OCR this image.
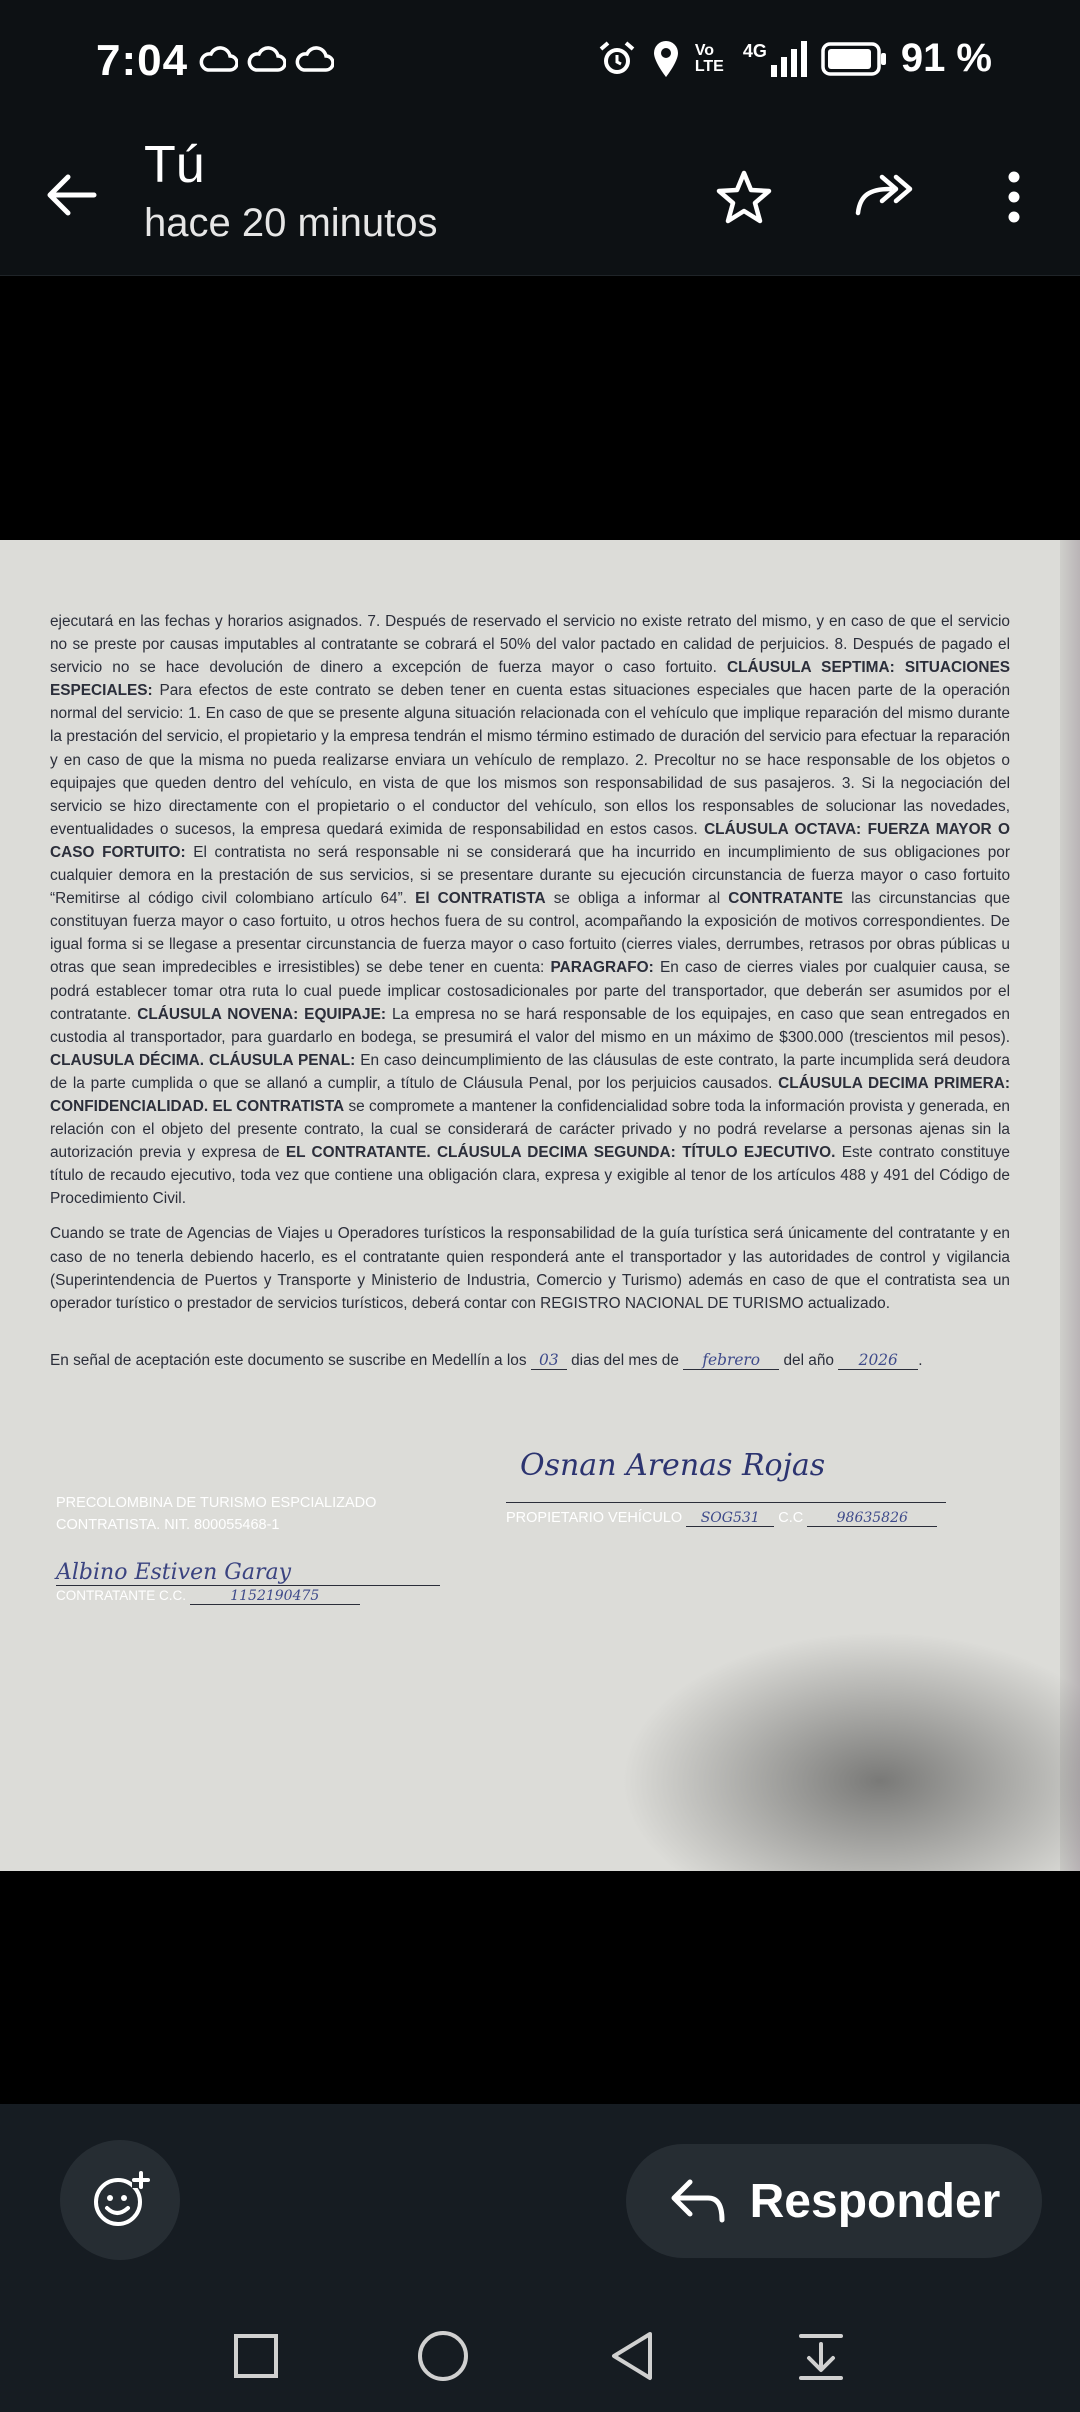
7:04	Vo LTE
4G	91 %
Tú
hace 20 minutos

ejecutará en las fechas y horarios asignados. 7. Después de reservado el servicio no existe retrato del mismo, y en caso de que el servicio no se preste por causas imputables al contratante se cobrará el 50% del valor pactado en calidad de perjuicios. 8. Después de pagado el servicio no se hace devolución de dinero a excepción de fuerza mayor o caso fortuito. CLÁUSULA SEPTIMA: SITUACIONES ESPECIALES: Para efectos de este contrato se deben tener en cuenta estas situaciones especiales que hacen parte de la operación normal del servicio: 1. En caso de que se presente alguna situación relacionada con el vehículo que implique reparación del mismo durante la prestación del servicio, el propietario y la empresa tendrán el mismo término estimado de duración del servicio para efectuar la reparación y en caso de que la misma no pueda realizarse enviara un vehículo de remplazo. 2. Precoltur no se hace responsable de los objetos o equipajes que queden dentro del vehículo, en vista de que los mismos son responsabilidad de sus pasajeros. 3. Si la negociación del servicio se hizo directamente con el propietario o el conductor del vehículo, son ellos los responsables de solucionar las novedades, eventualidades o sucesos, la empresa quedará eximida de responsabilidad en estos casos. CLÁUSULA OCTAVA: FUERZA MAYOR O CASO FORTUITO: El contratista no será responsable ni se considerará que ha incurrido en incumplimiento de sus obligaciones por cualquier demora en la prestación de sus servicios, si se presentare durante su ejecución circunstancia de fuerza mayor o caso fortuito “Remitirse al código civil colombiano artículo 64”. El CONTRATISTA se obliga a informar al CONTRATANTE las circunstancias que constituyan fuerza mayor o caso fortuito, u otros hechos fuera de su control, acompañando la exposición de motivos correspondientes. De igual forma si se llegase a presentar circunstancia de fuerza mayor o caso fortuito (cierres viales, derrumbes, retrasos por obras públicas u otras que sean impredecibles e irresistibles) se debe tener en cuenta: PARAGRAFO: En caso de cierres viales por cualquier causa, se podrá establecer tomar otra ruta lo cual puede implicar costosadicionales por parte del transportador, que deberán ser asumidos por el contratante. CLÁUSULA NOVENA: EQUIPAJE: La empresa no se hará responsable de los equipajes, en caso que sean entregados en custodia al transportador, para guardarlo en bodega, se presumirá el valor del mismo en un máximo de $300.000 (trescientos mil pesos). CLAUSULA DÉCIMA. CLÁUSULA PENAL: En caso deincumplimiento de las cláusulas de este contrato, la parte incumplida será deudora de la parte cumplida o que se allanó a cumplir, a título de Cláusula Penal, por los perjuicios causados. CLÁUSULA DECIMA PRIMERA: CONFIDENCIALIDAD. EL CONTRATISTA se compromete a mantener la confidencialidad sobre toda la información provista y generada, en relación con el objeto del presente contrato, la cual se considerará de carácter privado y no podrá revelarse a personas ajenas sin la autorización previa y expresa de EL CONTRATANTE. CLÁUSULA DECIMA SEGUNDA: TÍTULO EJECUTIVO. Este contrato constituye título de recaudo ejecutivo, toda vez que contiene una obligación clara, expresa y exigible al tenor de los artículos 488 y 491 del Código de Procedimiento Civil.

Cuando se trate de Agencias de Viajes u Operadores turísticos la responsabilidad de la guía turística será únicamente del contratante y en caso de no tenerla debiendo hacerlo, es el contratante quien responderá ante el transportador y las autoridades de control y vigilancia (Superintendencia de Puertos y Transporte y Ministerio de Industria, Comercio y Turismo) además en caso de que el contratista sea un operador turístico o prestador de servicios turísticos, deberá contar con REGISTRO NACIONAL DE TURISMO actualizado.

En señal de aceptación este documento se suscribe en Medellín a los 03 dias del mes de febrero del año 2026 .
PRECOLOMBINA DE TURISMO ESPCIALIZADO
CONTRATISTA. NIT. 800055468-1
Osnan Arenas Rojas
PROPIETARIO VEHÍCULO SOG531 C.C 98635826
Albino Estiven Garay
CONTRATANTE C.C.	1152190475
Responder
